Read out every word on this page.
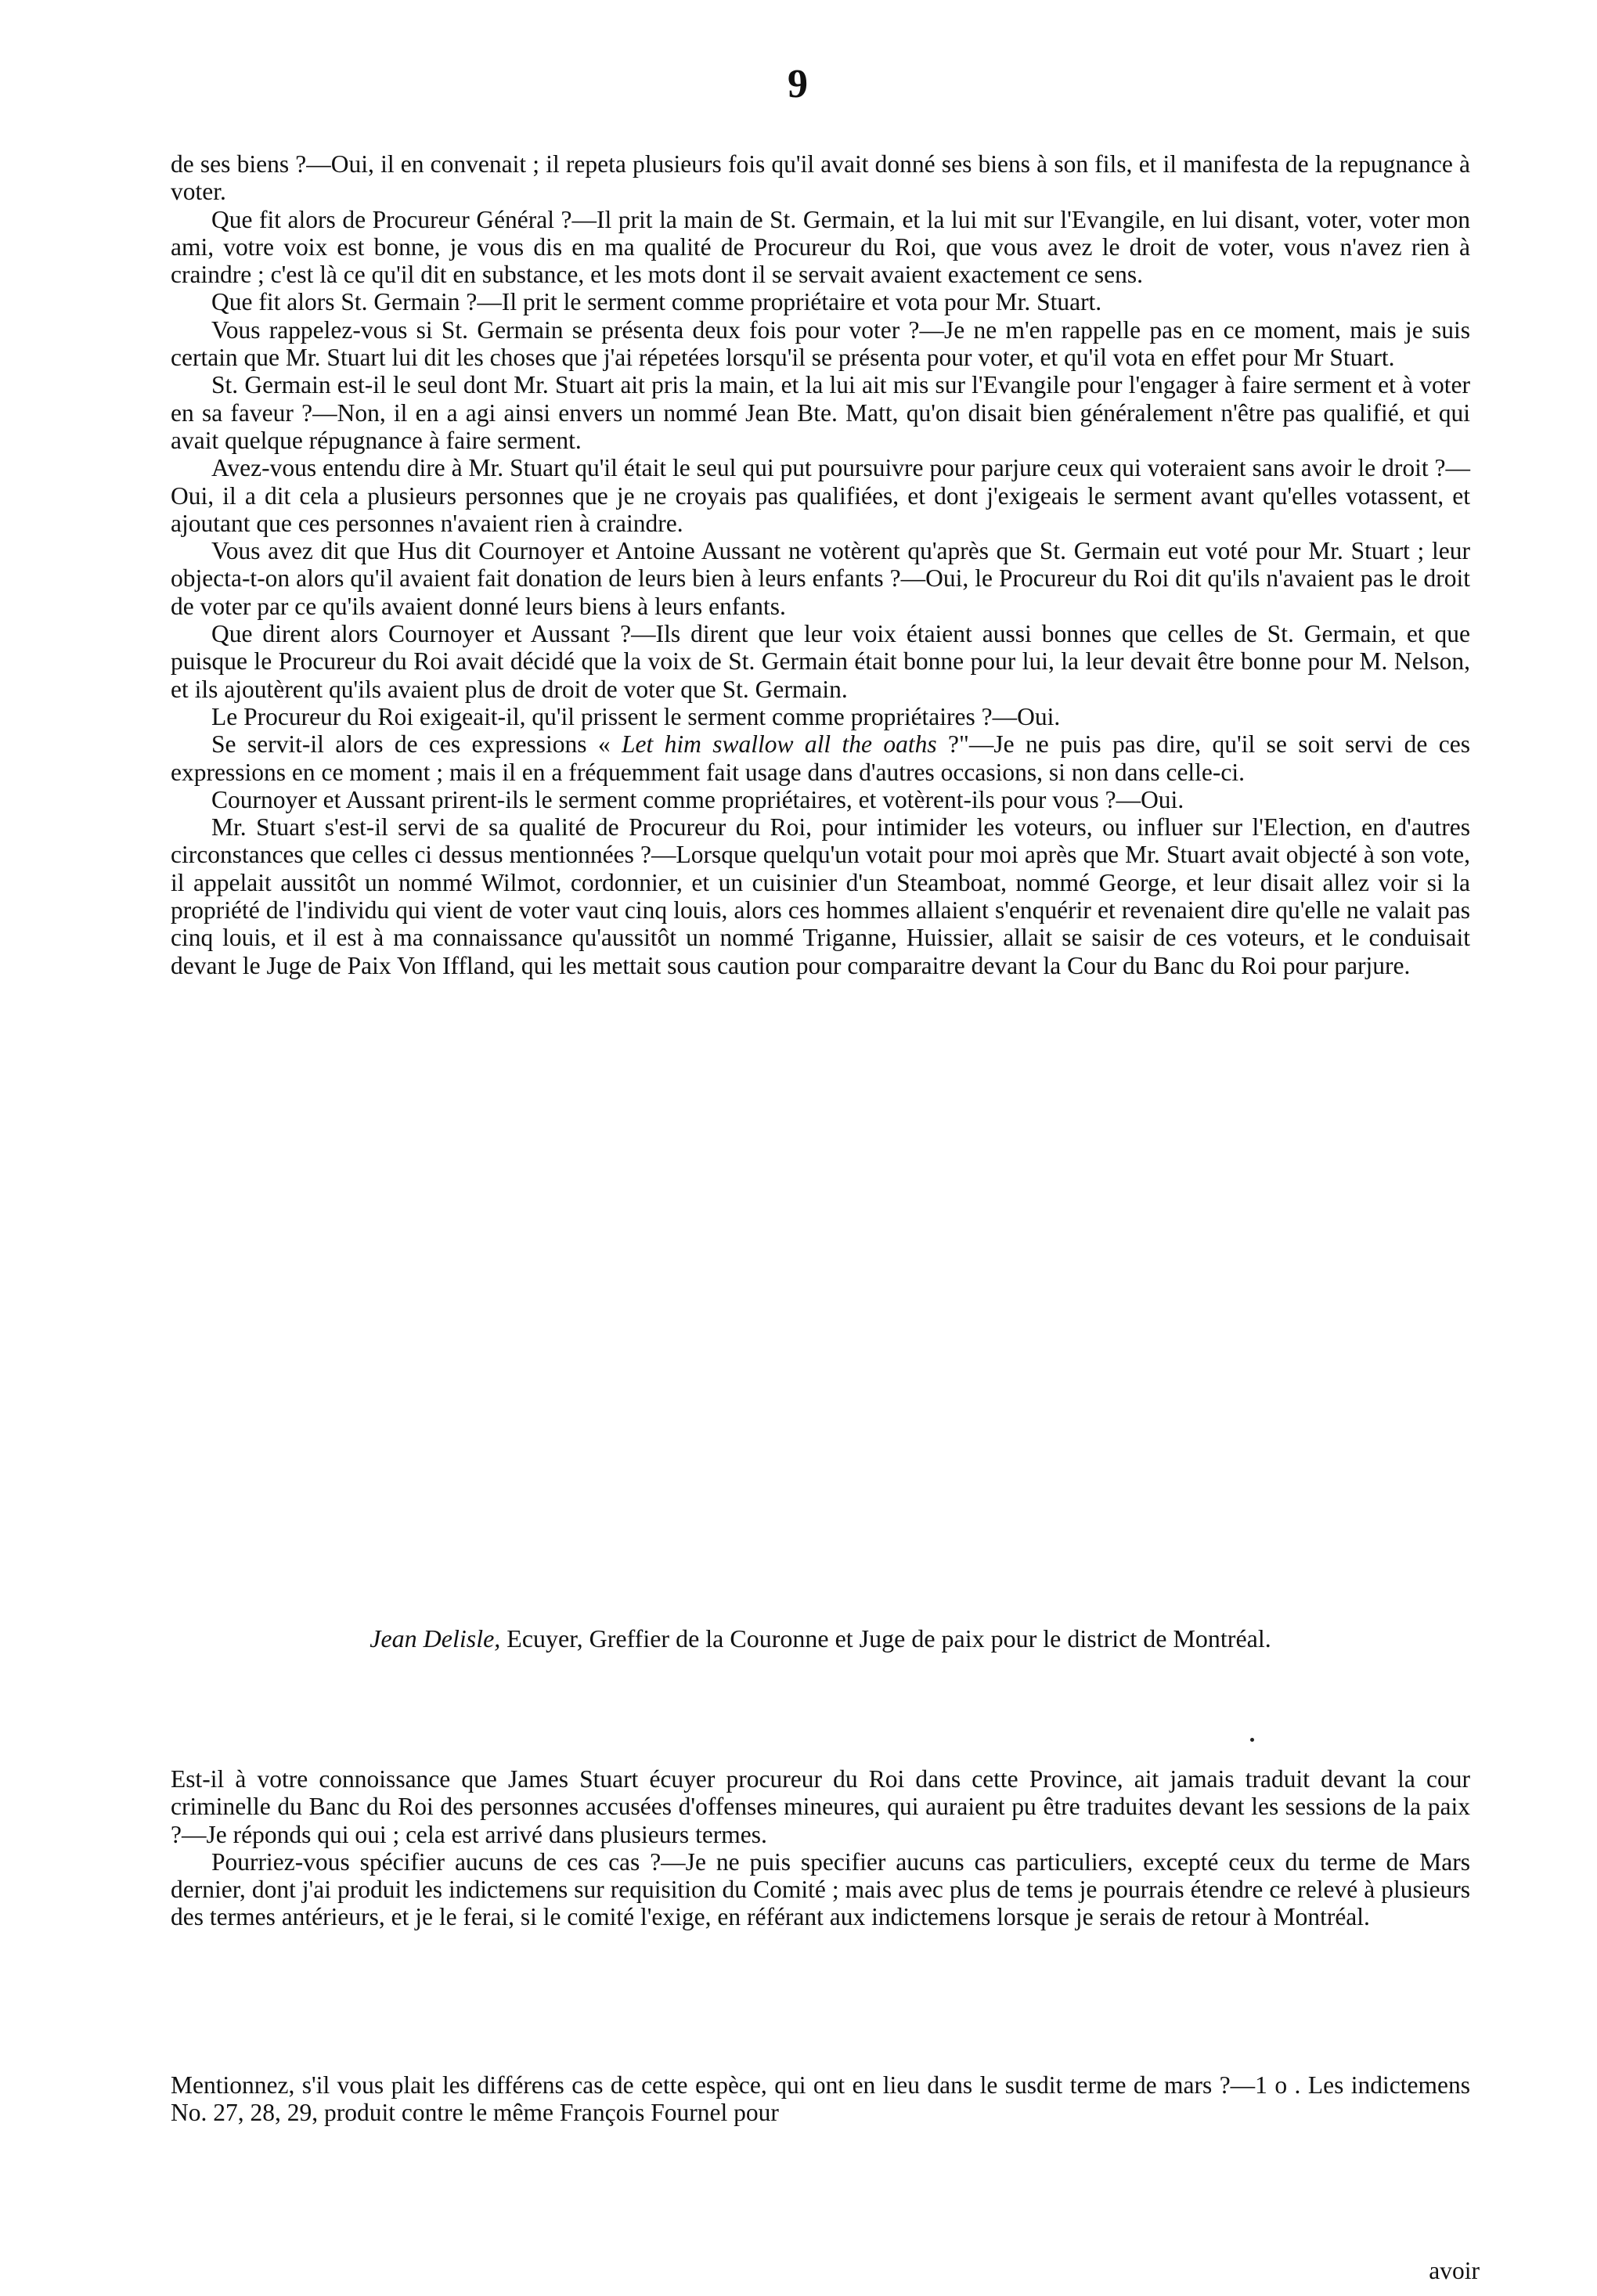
9

de ses biens ?—Oui, il en convenait ; il repeta plusieurs fois qu'il avait donné ses biens à son fils, et il manifesta de la repugnance à voter.

Que fit alors de Procureur Général ?—Il prit la main de St. Germain, et la lui mit sur l'Evangile, en lui disant, voter, voter mon ami, votre voix est bonne, je vous dis en ma qualité de Procureur du Roi, que vous avez le droit de voter, vous n'avez rien à craindre ; c'est là ce qu'il dit en substance, et les mots dont il se servait avaient exactement ce sens.

Que fit alors St. Germain ?—Il prit le serment comme propriétaire et vota pour Mr. Stuart.

Vous rappelez-vous si St. Germain se présenta deux fois pour voter ?—Je ne m'en rappelle pas en ce moment, mais je suis certain que Mr. Stuart lui dit les choses que j'ai répetées lorsqu'il se présenta pour voter, et qu'il vota en effet pour Mr Stuart.

St. Germain est-il le seul dont Mr. Stuart ait pris la main, et la lui ait mis sur l'Evangile pour l'engager à faire serment et à voter en sa faveur ?—Non, il en a agi ainsi envers un nommé Jean Bte. Matt, qu'on disait bien généralement n'être pas qualifié, et qui avait quelque répugnance à faire serment.

Avez-vous entendu dire à Mr. Stuart qu'il était le seul qui put poursuivre pour parjure ceux qui voteraient sans avoir le droit ?—Oui, il a dit cela a plusieurs personnes que je ne croyais pas qualifiées, et dont j'exigeais le serment avant qu'elles votassent, et ajoutant que ces personnes n'avaient rien à craindre.

Vous avez dit que Hus dit Cournoyer et Antoine Aussant ne votèrent qu'après que St. Germain eut voté pour Mr. Stuart ; leur objecta-t-on alors qu'il avaient fait donation de leurs bien à leurs enfants ?—Oui, le Procureur du Roi dit qu'ils n'avaient pas le droit de voter par ce qu'ils avaient donné leurs biens à leurs enfants.

Que dirent alors Cournoyer et Aussant ?—Ils dirent que leur voix étaient aussi bonnes que celles de St. Germain, et que puisque le Procureur du Roi avait décidé que la voix de St. Germain était bonne pour lui, la leur devait être bonne pour M. Nelson, et ils ajoutèrent qu'ils avaient plus de droit de voter que St. Germain.

Le Procureur du Roi exigeait-il, qu'il prissent le serment comme propriétaires ?—Oui.

Se servit-il alors de ces expressions « Let him swallow all the oaths ?"—Je ne puis pas dire, qu'il se soit servi de ces expressions en ce moment ; mais il en a fréquemment fait usage dans d'autres occasions, si non dans celle-ci.

Cournoyer et Aussant prirent-ils le serment comme propriétaires, et votèrent-ils pour vous ?—Oui.

Mr. Stuart s'est-il servi de sa qualité de Procureur du Roi, pour intimider les voteurs, ou influer sur l'Election, en d'autres circonstances que celles ci dessus mentionnées ?—Lorsque quelqu'un votait pour moi après que Mr. Stuart avait objecté à son vote, il appelait aussitôt un nommé Wilmot, cordonnier, et un cuisinier d'un Steamboat, nommé George, et leur disait allez voir si la propriété de l'individu qui vient de voter vaut cinq louis, alors ces hommes allaient s'enquérir et revenaient dire qu'elle ne valait pas cinq louis, et il est à ma connaissance qu'aussitôt un nommé Triganne, Huissier, allait se saisir de ces voteurs, et le conduisait devant le Juge de Paix Von Iffland, qui les mettait sous caution pour comparaitre devant la Cour du Banc du Roi pour parjure.

Jean Delisle, Ecuyer, Greffier de la Couronne et Juge de paix pour le district de Montréal.

Est-il à votre connoissance que James Stuart écuyer procureur du Roi dans cette Province, ait jamais traduit devant la cour criminelle du Banc du Roi des personnes accusées d'offenses mineures, qui auraient pu être traduites devant les sessions de la paix ?—Je réponds qui oui ; cela est arrivé dans plusieurs termes.

Pourriez-vous spécifier aucuns de ces cas ?—Je ne puis specifier aucuns cas particuliers, excepté ceux du terme de Mars dernier, dont j'ai produit les indictemens sur requisition du Comité ; mais avec plus de tems je pourrais étendre ce relevé à plusieurs des termes antérieurs, et je le ferai, si le comité l'exige, en référant aux indictemens lorsque je serais de retour à Montréal.

Mentionnez, s'il vous plait les différens cas de cette espèce, qui ont en lieu dans le susdit terme de mars ?—1 o . Les indictemens No. 27, 28, 29, produit contre le même François Fournel pour

avoir
